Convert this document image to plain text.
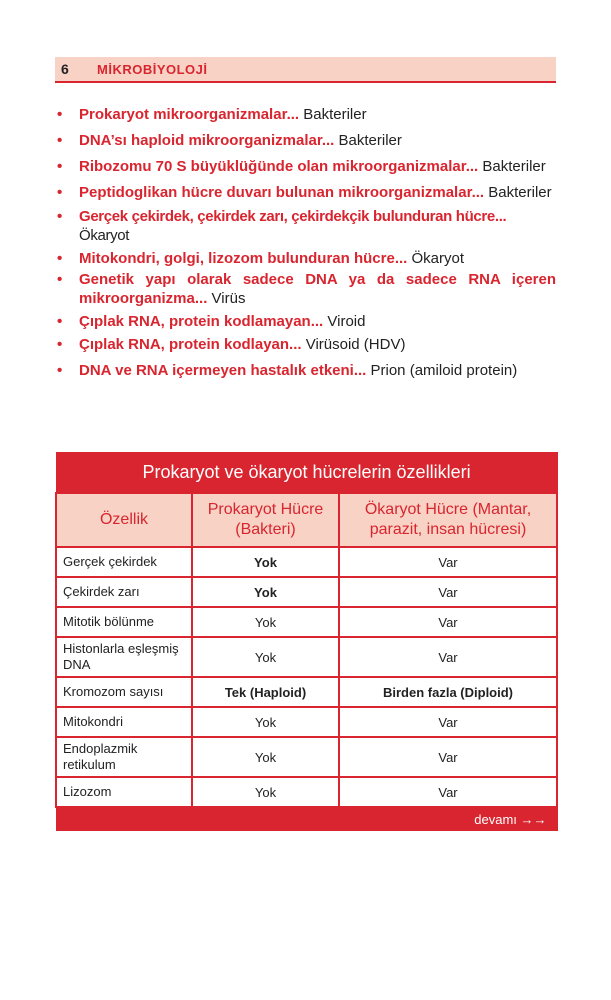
6 MİKROBİYOLOJİ
• Prokaryot mikroorganizmalar... Bakteriler
• DNA’sı haploid mikroorganizmalar... Bakteriler
• Ribozomu 70 S büyüklüğünde olan mikroorganizmalar... Bakteriler
• Peptidoglikan hücre duvarı bulunan mikroorganizmalar... Bakteriler
• Gerçek çekirdek, çekirdek zarı, çekirdekçik bulunduran hücre... Ökaryot
• Mitokondri, golgi, lizozom bulunduran hücre... Ökaryot
• Genetik yapı olarak sadece DNA ya da sadece RNA içeren mikroorganizma... Virüs
• Çıplak RNA, protein kodlamayan... Viroid
• Çıplak RNA, protein kodlayan... Virüsoid (HDV)
• DNA ve RNA içermeyen hastalık etkeni... Prion (amiloid protein)
Prokaryot ve ökaryot hücrelerin özellikleri		
Özellik	Prokaryot Hücre (Bakteri)	Ökaryot Hücre (Mantar, parazit, insan hücresi)
Gerçek çekirdek	Yok	Var
Çekirdek zarı	Yok	Var
Mitotik bölünme	Yok	Var
Histonlarla eşleşmiş DNA	Yok	Var
Kromozom sayısı	Tek (Haploid)	Birden fazla (Diploid)
Mitokondri	Yok	Var
Endoplazmik retikulum	Yok	Var
Lizozom	Yok	Var
devamı →→		
